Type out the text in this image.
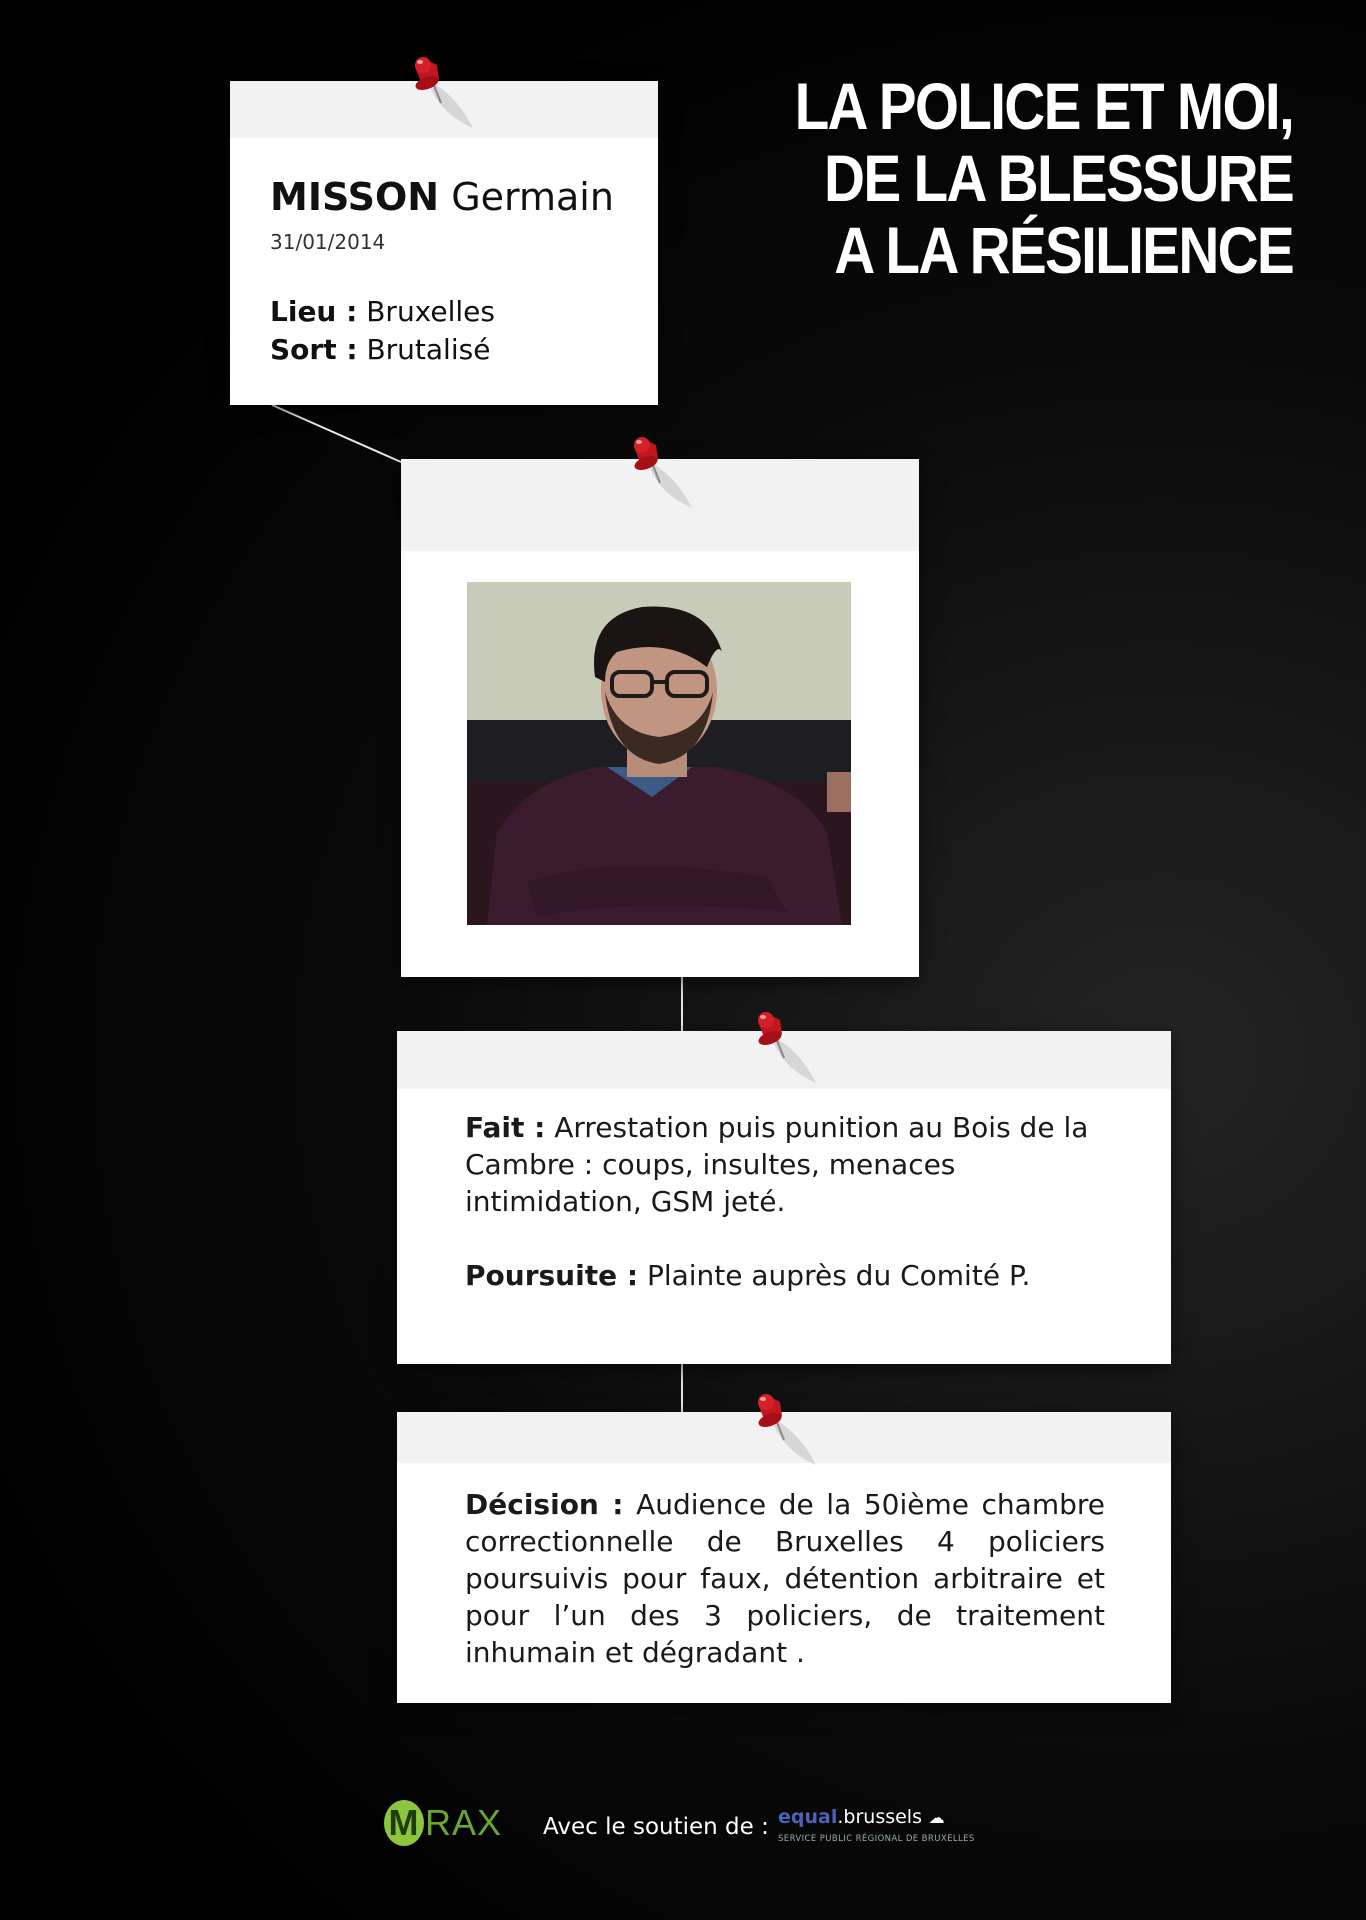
LA POLICE ET MOI,
DE LA BLESSURE
A LA RÉSILIENCE
MISSON Germain
31/01/2014
Lieu : Bruxelles
Sort : Brutalisé
Fait : Arrestation puis punition au Bois de la Cambre : coups, insultes, menaces intimidation, GSM jeté.
Poursuite : Plainte auprès du Comité P.
Décision : Audience de la 50ième chambre correctionnelle de Bruxelles 4 policiers poursuivis pour faux, détention arbitraire et pour l’un des 3 policiers, de traitement inhumain et dégradant .
M RAX Avec le soutien de : equal.brussels ☁
SERVICE PUBLIC RÉGIONAL DE BRUXELLES
